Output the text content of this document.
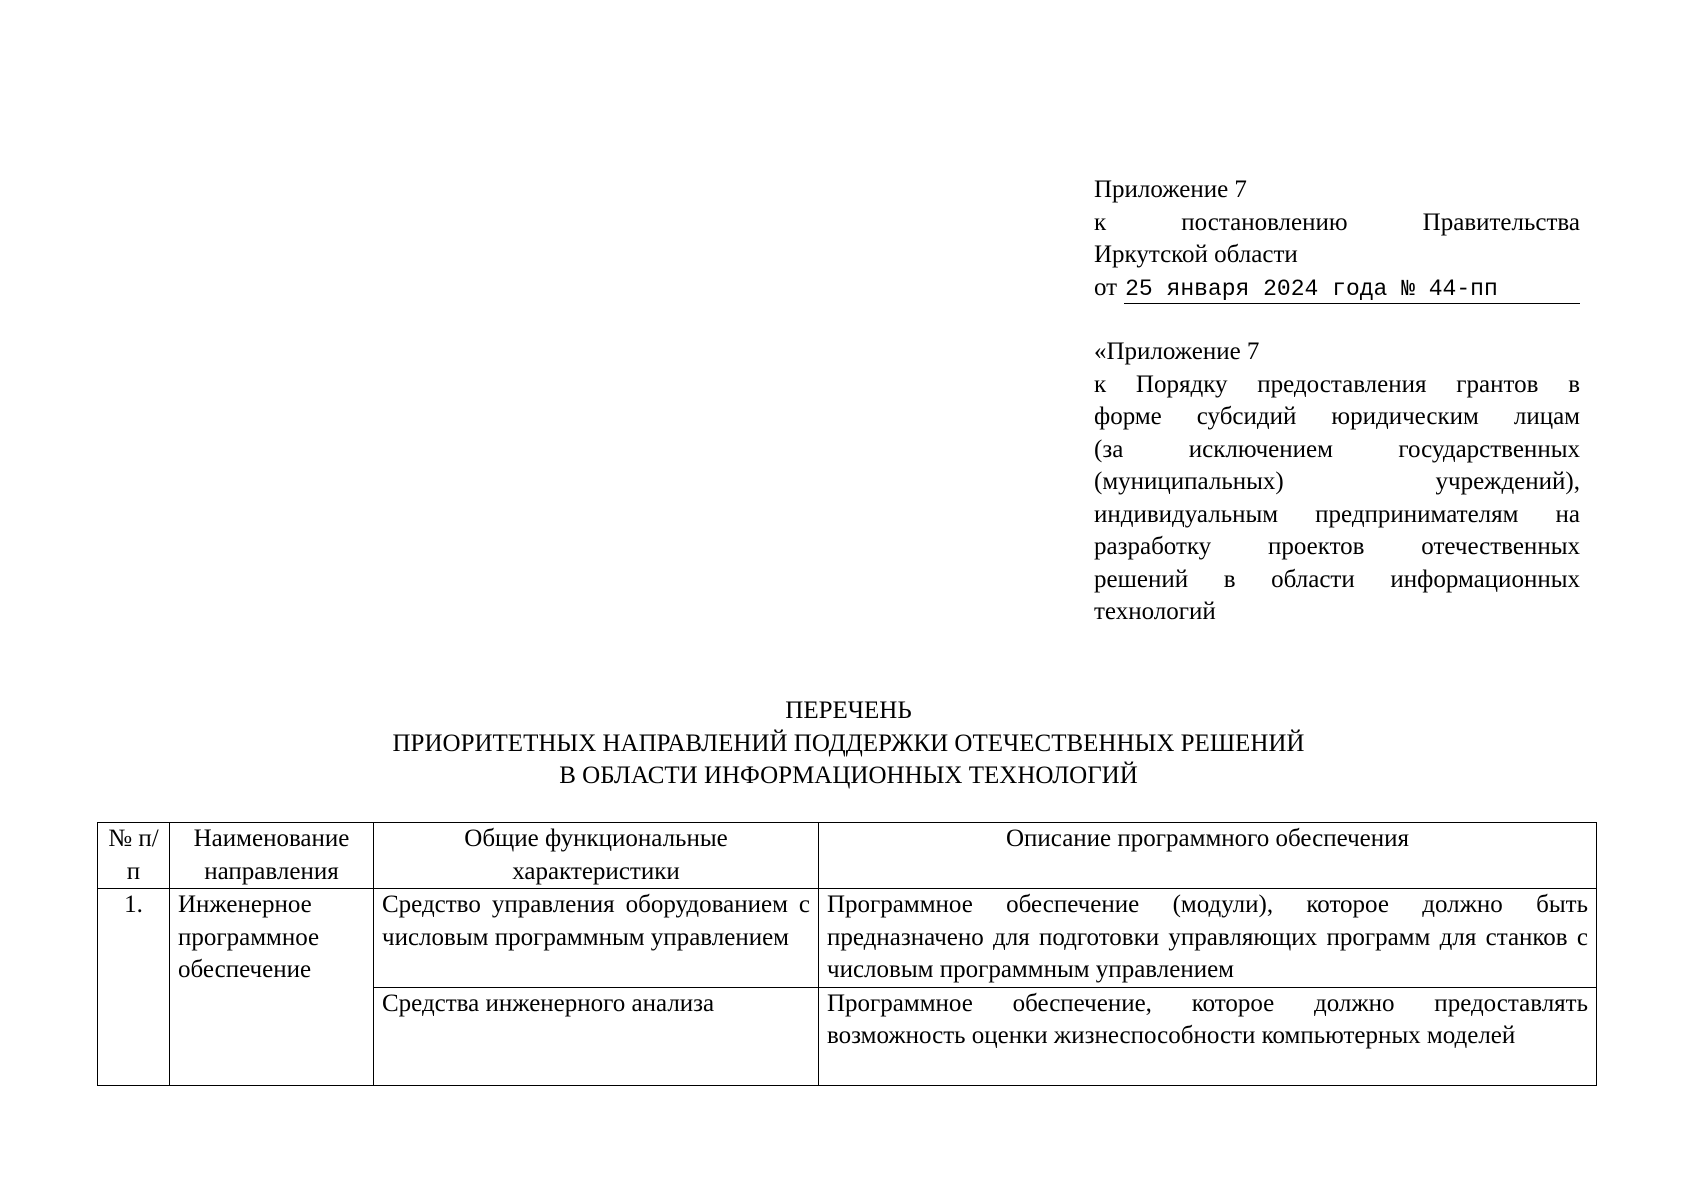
Приложение 7
к	постановлению	Правительства
Иркутской области
от 25 января 2024 года № 44-пп
«Приложение 7
к Порядку предоставления грантов в
форме субсидий юридическим лицам
(за исключением государственных
(муниципальных) учреждений),
индивидуальным предпринимателям на
разработку проектов отечественных
решений в области информационных
технологий
ПЕРЕЧЕНЬ
ПРИОРИТЕТНЫХ НАПРАВЛЕНИЙ ПОДДЕРЖКИ ОТЕЧЕСТВЕННЫХ РЕШЕНИЙ
В ОБЛАСТИ ИНФОРМАЦИОННЫХ ТЕХНОЛОГИЙ
№ п/п	Наименование направления	Общие функциональные характеристики	Описание программного обеспечения
1.	Инженерное программное обеспечение	Средство управления оборудованием с числовым программным управлением	Программное обеспечение (модули), которое должно быть предназначено для подготовки управляющих программ для станков с числовым программным управлением
		Средства инженерного анализа	Программное обеспечение, которое должно предоставлять возможность оценки жизнеспособности компьютерных моделей
